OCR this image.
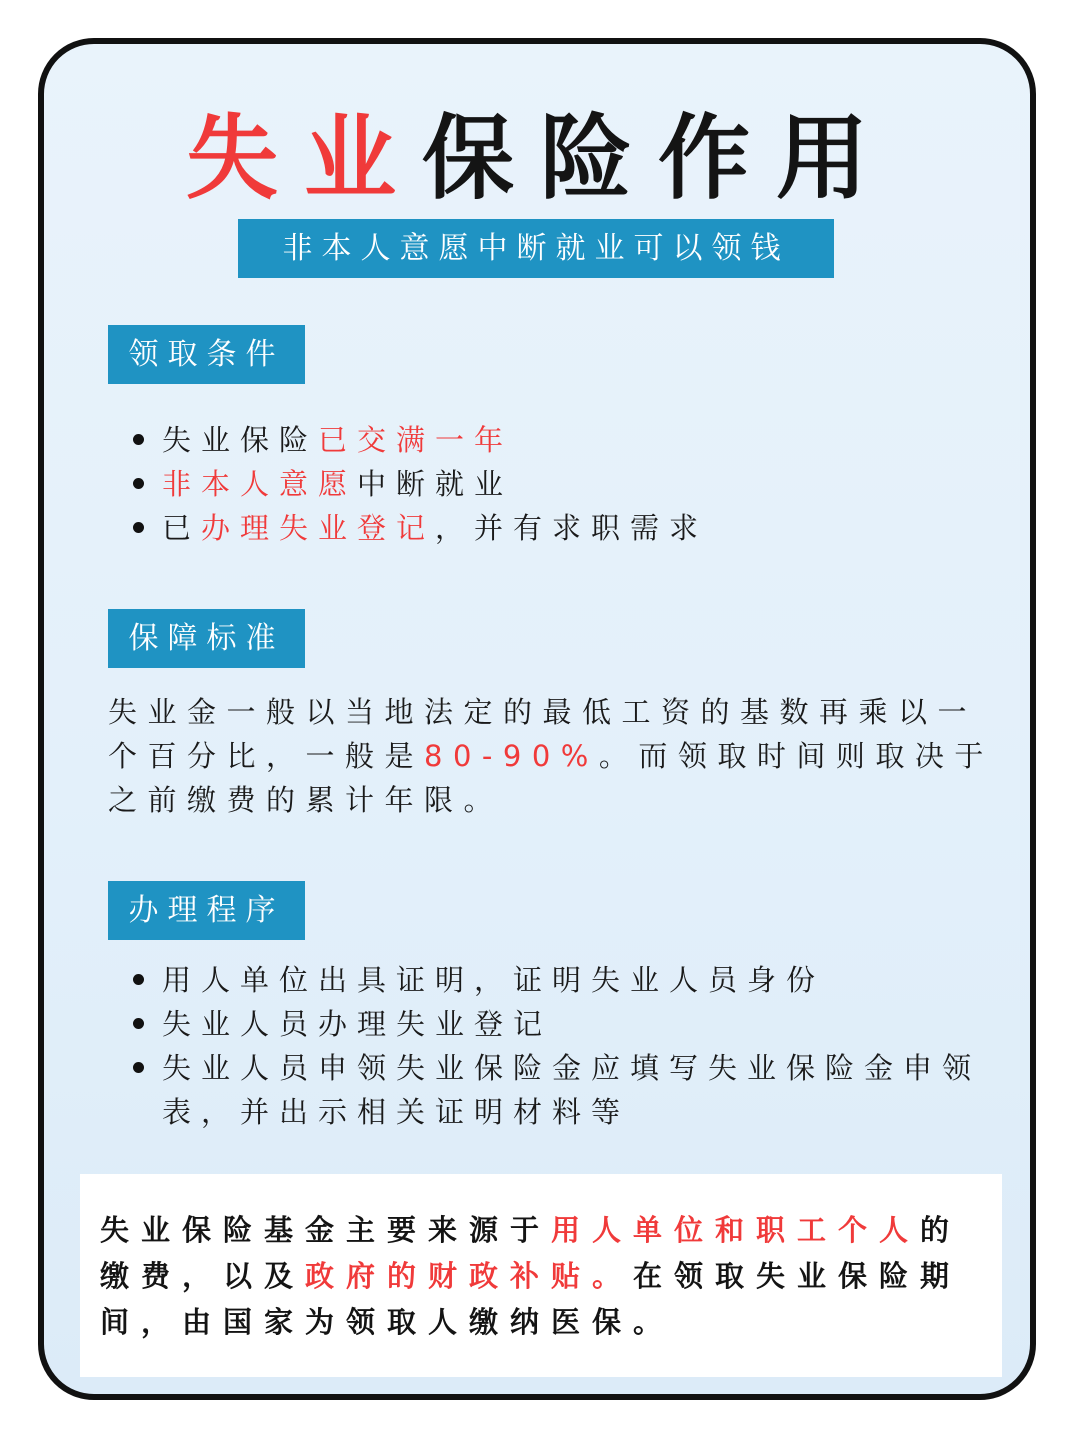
失业保险作用
非本人意愿中断就业可以领钱
领取条件
失业保险已交满一年
非本人意愿中断就业
已办理失业登记，并有求职需求
保障标准

失业金一般以当地法定的最低工资的基数再乘以一个百分比，一般是80-90%。而领取时间则取决于之前缴费的累计年限。

办理程序
用人单位出具证明，证明失业人员身份
失业人员办理失业登记
失业人员申领失业保险金应填写失业保险金申领表，并出示相关证明材料等

失业保险基金主要来源于用人单位和职工个人的缴费，以及政府的财政补贴。在领取失业保险期间，由国家为领取人缴纳医保。
